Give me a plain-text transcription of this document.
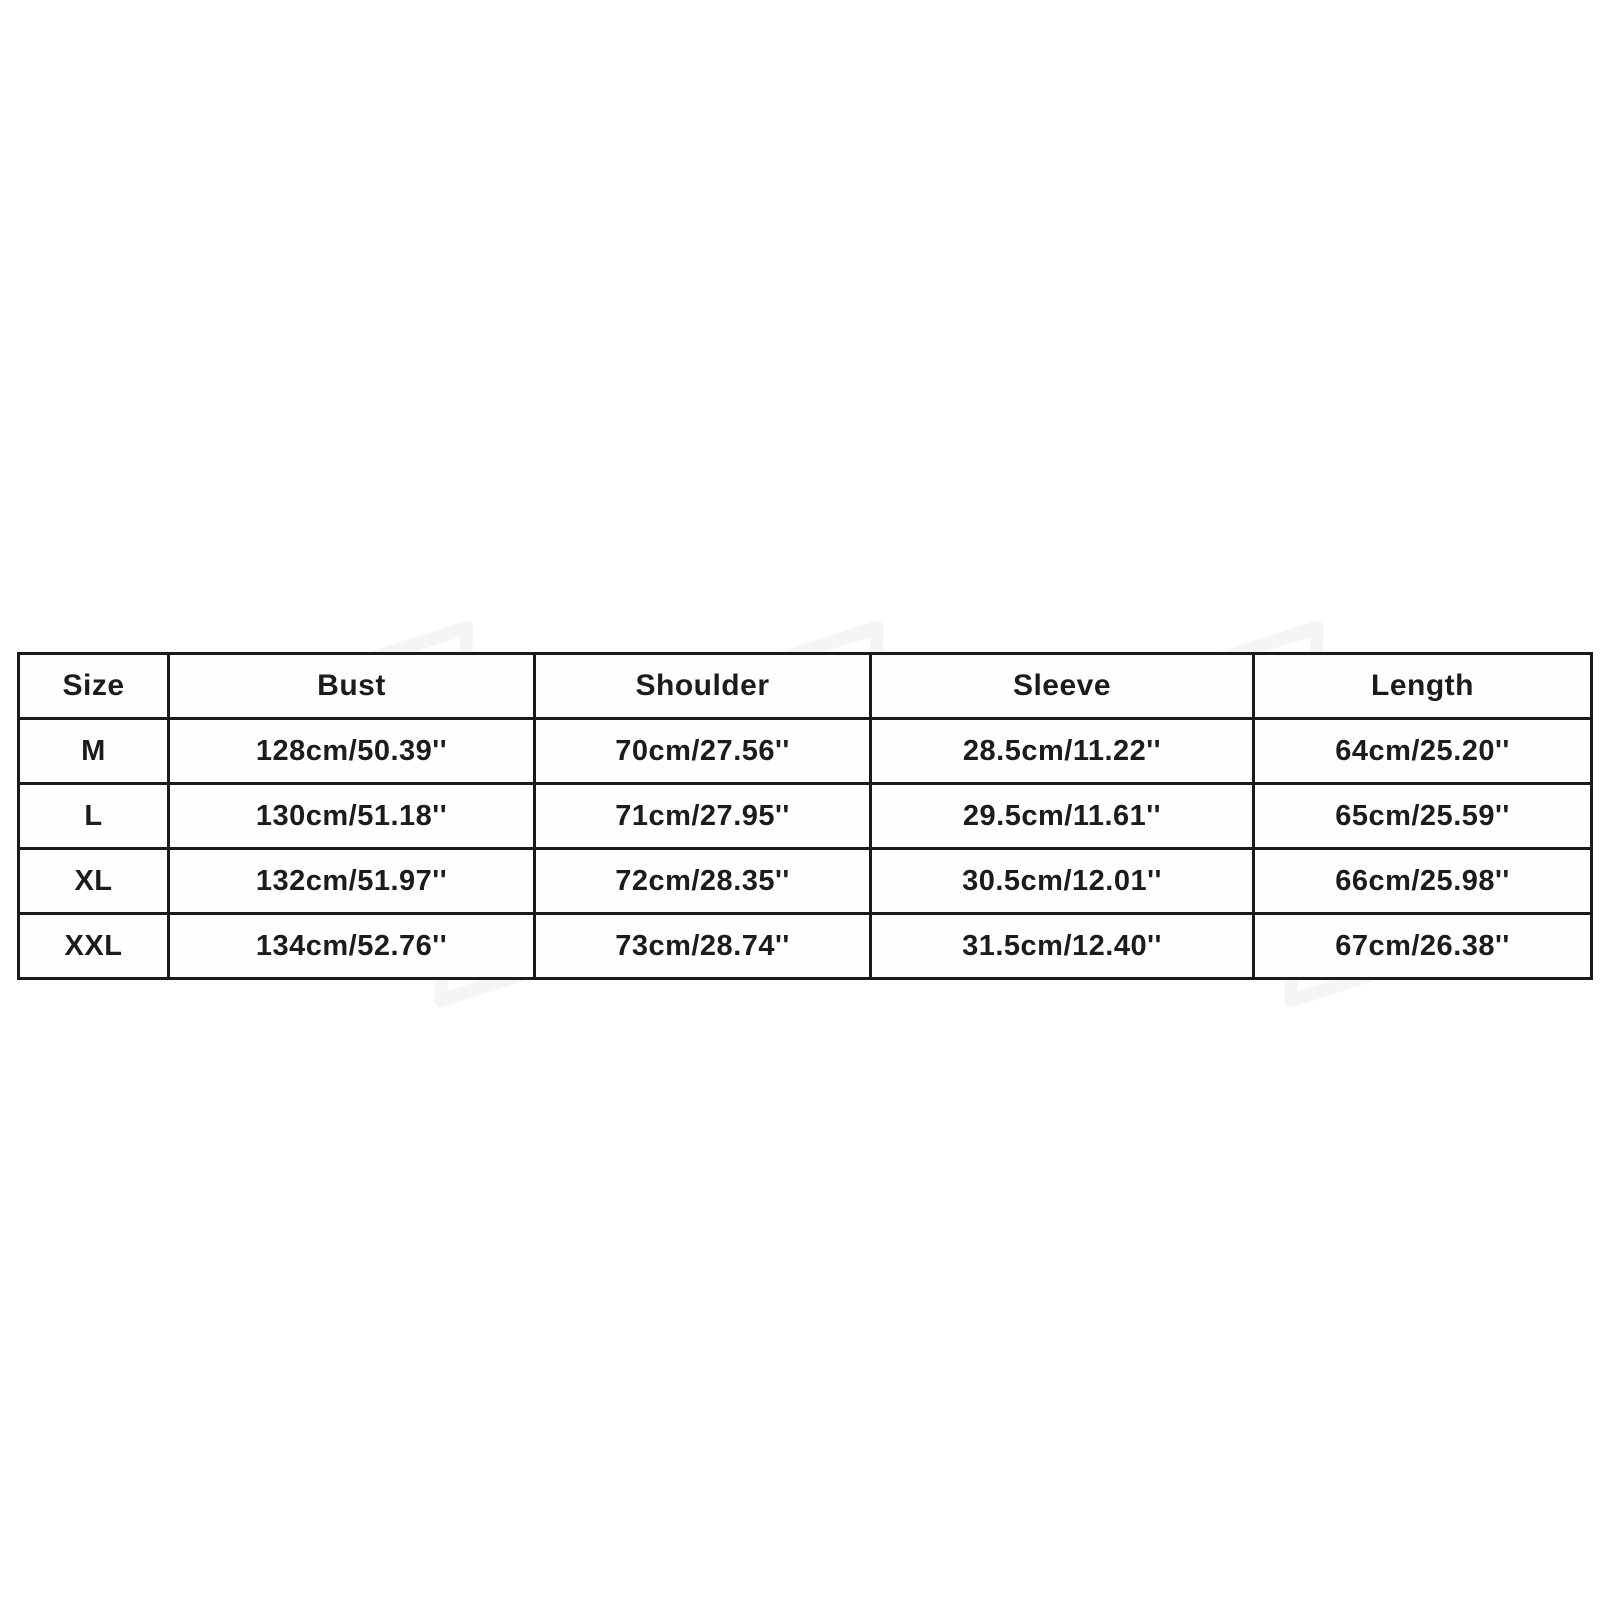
Size	Bust	Shoulder	Sleeve	Length
M	128cm/50.39''	70cm/27.56''	28.5cm/11.22''	64cm/25.20''
L	130cm/51.18''	71cm/27.95''	29.5cm/11.61''	65cm/25.59''
XL	132cm/51.97''	72cm/28.35''	30.5cm/12.01''	66cm/25.98''
XXL	134cm/52.76''	73cm/28.74''	31.5cm/12.40''	67cm/26.38''
